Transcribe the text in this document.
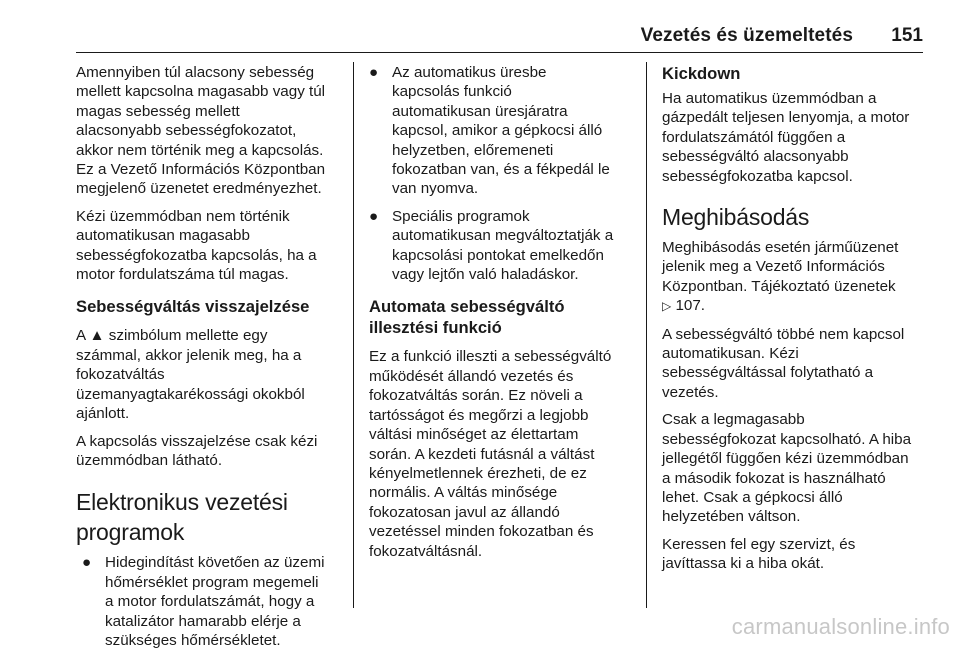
Vezetés és üzemeltetés 151

Amennyiben túl alacsony sebesség
mellett kapcsolna magasabb vagy túl
magas sebesség mellett
alacsonyabb sebességfokozatot,
akkor nem történik meg a kapcsolás.
Ez a Vezető Információs Központban
megjelenő üzenetet eredményezhet.

Kézi üzemmódban nem történik
automatikusan magasabb
sebességfokozatba kapcsolás, ha a
motor fordulatszáma túl magas.

Sebességváltás visszajelzése

A ▲ szimbólum mellette egy
számmal, akkor jelenik meg, ha a
fokozatváltás
üzemanyagtakarékossági okokból
ajánlott.

A kapcsolás visszajelzése csak kézi
üzemmódban látható.

Elektronikus vezetési
programok
● Hidegindítást követően az üzemi
hőmérséklet program megemeli
a motor fordulatszámát, hogy a
katalizátor hamarabb elérje a
szükséges hőmérsékletet.
● Az automatikus üresbe
kapcsolás funkció
automatikusan üresjáratra
kapcsol, amikor a gépkocsi álló
helyzetben, előremeneti
fokozatban van, és a fékpedál le
van nyomva.
● Speciális programok
automatikusan megváltoztatják a
kapcsolási pontokat emelkedőn
vagy lejtőn való haladáskor.
Automata sebességváltó
illesztési funkció

Ez a funkció illeszti a sebességváltó
működését állandó vezetés és
fokozatváltás során. Ez növeli a
tartósságot és megőrzi a legjobb
váltási minőséget az élettartam
során. A kezdeti futásnál a váltást
kényelmetlennek érezheti, de ez
normális. A váltás minősége
fokozatosan javul az állandó
vezetéssel minden fokozatban és
fokozatváltásnál.

Kickdown

Ha automatikus üzemmódban a
gázpedált teljesen lenyomja, a motor
fordulatszámától függően a
sebességváltó alacsonyabb
sebességfokozatba kapcsol.

Meghibásodás

Meghibásodás esetén járműüzenet
jelenik meg a Vezető Információs
Központban. Tájékoztató üzenetek
▷ 107.

A sebességváltó többé nem kapcsol
automatikusan. Kézi
sebességváltással folytatható a
vezetés.

Csak a legmagasabb
sebességfokozat kapcsolható. A hiba
jellegétől függően kézi üzemmódban
a második fokozat is használható
lehet. Csak a gépkocsi álló
helyzetében váltson.

Keressen fel egy szervizt, és
javíttassa ki a hiba okát.

carmanualsonline.info
